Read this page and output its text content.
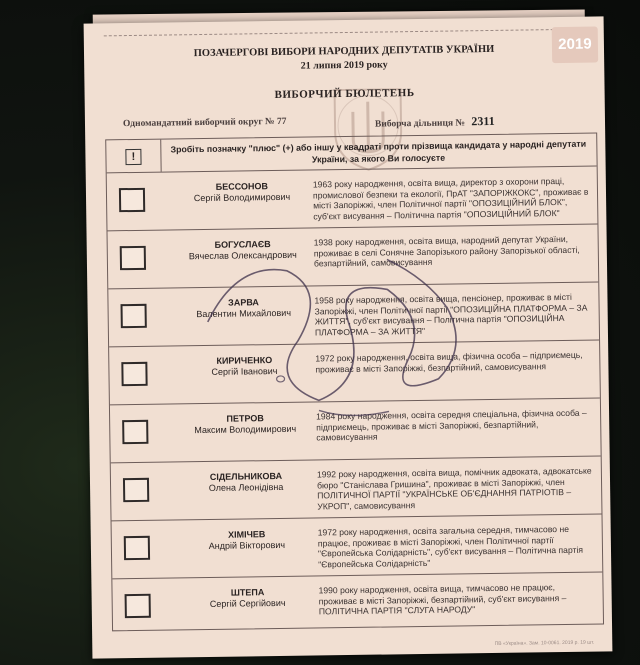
2019
ПОЗАЧЕРГОВІ ВИБОРИ НАРОДНИХ ДЕПУТАТІВ УКРАЇНИ
21 липня 2019 року
ВИБОРЧИЙ БЮЛЕТЕНЬ
Одномандатний виборчий округ № 77	Виборча дільниця № 2311
!
Зробіть позначку "плюс" (+) або іншу у квадраті проти прізвища кандидата у народні депутати України, за якого Ви голосуєте
БЕССОНОВ
Сергій Володимирович
1963 року народження, освіта вища, директор з охорони праці, промислової безпеки та екології, ПрАТ "ЗАПОРІЖКОКС", проживає в місті Запоріжжі, член Політичної партії "ОПОЗИЦІЙНИЙ БЛОК", суб'єкт висування – Політична партія "ОПОЗИЦІЙНИЙ БЛОК"
БОГУСЛАЄВ
Вячеслав Олександрович
1938 року народження, освіта вища, народний депутат України, проживає в селі Сонячне Запорізького району Запорізької області, безпартійний, самовисування
ЗАРВА
Валентин Михайлович
1958 року народження, освіта вища, пенсіонер, проживає в місті Запоріжжі, член Політичної партії "ОПОЗИЦІЙНА ПЛАТФОРМА – ЗА ЖИТТЯ", суб'єкт висування – Політична партія "ОПОЗИЦІЙНА ПЛАТФОРМА – ЗА ЖИТТЯ"
КИРИЧЕНКО
Сергій Іванович
1972 року народження, освіта вища, фізична особа – підприємець, проживає в місті Запоріжжі, безпартійний, самовисування
ПЕТРОВ
Максим Володимирович
1984 року народження, освіта середня спеціальна, фізична особа – підприємець, проживає в місті Запоріжжі, безпартійний, самовисування
СІДЕЛЬНИКОВА
Олена Леонідівна
1992 року народження, освіта вища, помічник адвоката, адвокатське бюро "Станіслава Гришина", проживає в місті Запоріжжі, член ПОЛІТИЧНОЇ ПАРТІЇ "УКРАЇНСЬКЕ ОБ'ЄДНАННЯ ПАТРІОТІВ – УКРОП", самовисування
ХІМІЧЕВ
Андрій Вікторович
1972 року народження, освіта загальна середня, тимчасово не працює, проживає в місті Запоріжжі, член Політичної партії "Європейська Солідарність", суб'єкт висування – Політична партія "Європейська Солідарність"
ШТЕПА
Сергій Сергійович
1990 року народження, освіта вища, тимчасово не працює, проживає в місті Запоріжжі, безпартійний, суб'єкт висування – ПОЛІТИЧНА ПАРТІЯ "СЛУГА НАРОДУ"
ПВ «Україна». Зам. 10-0061. 2019 р. 19 шт.
